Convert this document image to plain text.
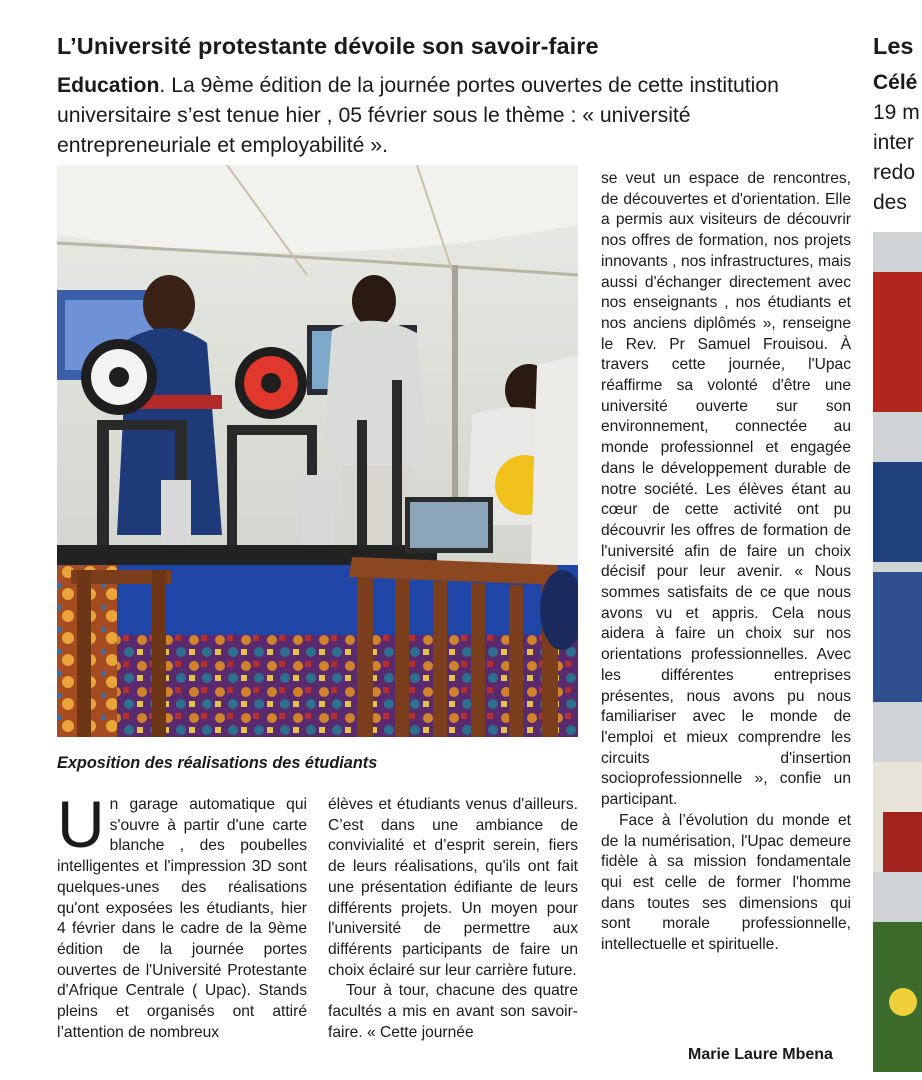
L’Université protestante dévoile son savoir-faire

Education. La 9ème édition de la journée portes ouvertes de cette institution universitaire s’est tenue hier , 05 février sous le thème : « université entrepreneuriale et employabilité ».

Exposition des réalisations des étudiants

Un garage automatique qui s'ouvre à partir d'une carte blanche , des poubelles intelligentes et l'impression 3D sont quelques-unes des réalisations qu'ont exposées les étudiants, hier 4 février dans le cadre de la 9ème édition de la journée portes ouvertes de l'Université Protestante d'Afrique Centrale ( Upac). Stands pleins et organisés ont attiré l’attention de nombreux

élèves et étudiants venus d'ailleurs. C’est dans une ambiance de convivialité et d’esprit serein, fiers de leurs réalisations, qu'ils ont fait une présentation édifiante de leurs différents projets. Un moyen pour l'université de permettre aux différents participants de faire un choix éclairé sur leur carrière future.

Tour à tour, chacune des quatre facultés a mis en avant son savoir-faire. « Cette journée

se veut un espace de rencontres, de découvertes et d'orientation. Elle a permis aux visiteurs de découvrir nos offres de formation, nos projets innovants , nos infrastructures, mais aussi d'échanger directement avec nos enseignants , nos étudiants et nos anciens diplômés », renseigne le Rev. Pr Samuel Frouisou. À travers cette journée, l'Upac réaffirme sa volonté d'être une université ouverte sur son environnement, connectée au monde professionnel et engagée dans le développement durable de notre société. Les élèves étant au cœur de cette activité ont pu découvrir les offres de formation de l'université afin de faire un choix décisif pour leur avenir. « Nous sommes satisfaits de ce que nous avons vu et appris. Cela nous aidera à faire un choix sur nos orientations professionnelles. Avec les différentes entreprises présentes, nous avons pu nous familiariser avec le monde de l'emploi et mieux comprendre les circuits d'insertion socioprofessionnelle », confie un participant.

Face à l’évolution du monde et de la numérisation, l'Upac demeure fidèle à sa mission fondamentale qui est celle de former l'homme dans toutes ses dimensions qui sont morale professionnelle, intellectuelle et spirituelle.

Marie Laure Mbena

Les
Célé
19 m
inter
redo
des
